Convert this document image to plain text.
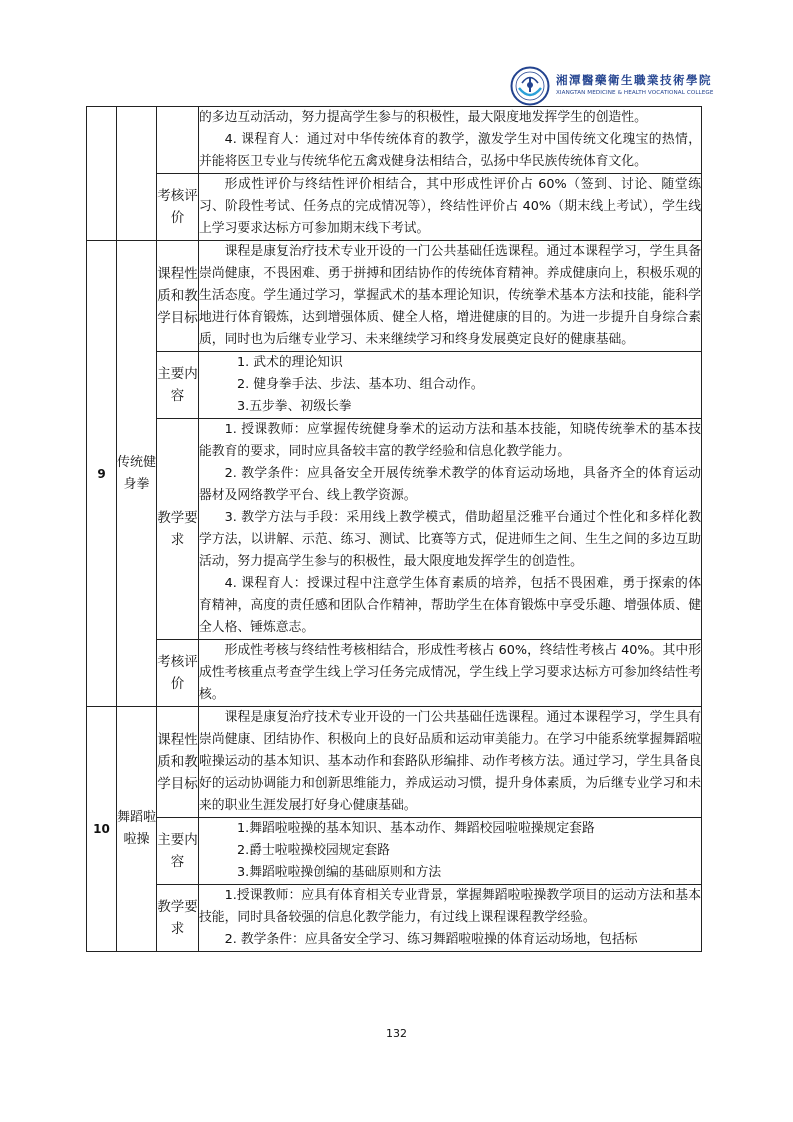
湘潭醫藥衛生職業技術學院
XIANGTAN MEDICINE & HEALTH VOCATIONAL COLLEGE

			的多边互动活动，努力提高学生参与的积极性，最大限度地发挥学生的创造性。

4. 课程育人：通过对中华传统体育的教学，激发学生对中国传统文化瑰宝的热情，并能将医卫专业与传统华佗五禽戏健身法相结合，弘扬中华民族传统体育文化。

		考核评价	形成性评价与终结性评价相结合，其中形成性评价占 60%（签到、讨论、随堂练习、阶段性考试、任务点的完成情况等），终结性评价占 40%（期末线上考试），学生线上学习要求达标方可参加期末线下考试。

9	传统健身拳	课程性质和教学目标	课程是康复治疗技术专业开设的一门公共基础任选课程。通过本课程学习，学生具备崇尚健康，不畏困难、勇于拼搏和团结协作的传统体育精神。养成健康向上，积极乐观的生活态度。学生通过学习，掌握武术的基本理论知识，传统拳术基本方法和技能，能科学地进行体育锻炼，达到增强体质、健全人格，增进健康的目的。为进一步提升自身综合素质，同时也为后继专业学习、未来继续学习和终身发展奠定良好的健康基础。

		主要内容	1. 武术的理论知识

2. 健身拳手法、步法、基本功、组合动作。

3.五步拳、初级长拳

		教学要求	1. 授课教师：应掌握传统健身拳术的运动方法和基本技能，知晓传统拳术的基本技能教育的要求，同时应具备较丰富的教学经验和信息化教学能力。

2. 教学条件：应具备安全开展传统拳术教学的体育运动场地，具备齐全的体育运动器材及网络教学平台、线上教学资源。

3. 教学方法与手段：采用线上教学模式，借助超星泛雅平台通过个性化和多样化教学方法，以讲解、示范、练习、测试、比赛等方式，促进师生之间、生生之间的多边互助活动，努力提高学生参与的积极性，最大限度地发挥学生的创造性。

4. 课程育人：授课过程中注意学生体育素质的培养，包括不畏困难，勇于探索的体育精神，高度的责任感和团队合作精神，帮助学生在体育锻炼中享受乐趣、增强体质、健全人格、锤炼意志。

		考核评价	形成性考核与终结性考核相结合，形成性考核占 60%，终结性考核占 40%。其中形成性考核重点考查学生线上学习任务完成情况，学生线上学习要求达标方可参加终结性考核。

10	舞蹈啦啦操	课程性质和教学目标	课程是康复治疗技术专业开设的一门公共基础任选课程。通过本课程学习，学生具有崇尚健康、团结协作、积极向上的良好品质和运动审美能力。在学习中能系统掌握舞蹈啦啦操运动的基本知识、基本动作和套路队形编排、动作考核方法。通过学习，学生具备良好的运动协调能力和创新思维能力，养成运动习惯，提升身体素质，为后继专业学习和未来的职业生涯发展打好身心健康基础。

		主要内容	1.舞蹈啦啦操的基本知识、基本动作、舞蹈校园啦啦操规定套路

2.爵士啦啦操校园规定套路

3.舞蹈啦啦操创编的基础原则和方法

		教学要求	1.授课教师：应具有体育相关专业背景，掌握舞蹈啦啦操教学项目的运动方法和基本技能，同时具备较强的信息化教学能力，有过线上课程课程教学经验。

2. 教学条件：应具备安全学习、练习舞蹈啦啦操的体育运动场地，包括标

132
